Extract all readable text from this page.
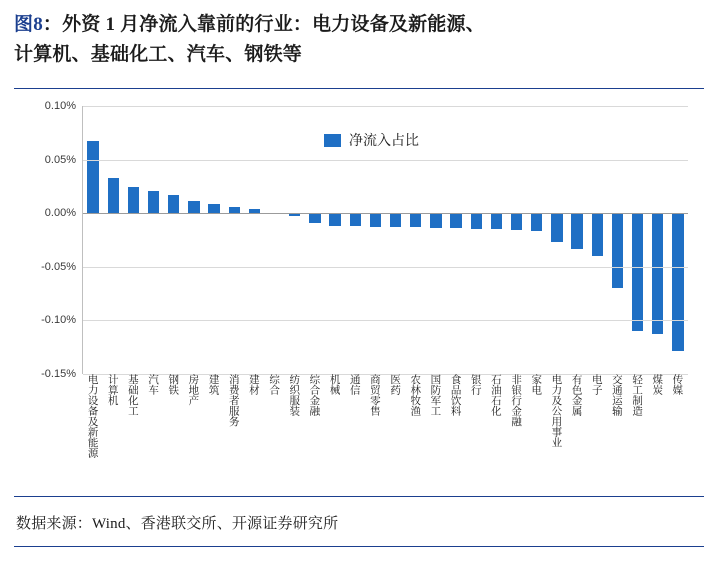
图8：外资 1 月净流入靠前的行业：电力设备及新能源、
计算机、基础化工、汽车、钢铁等
净流入占比
-0.15%
-0.10%
-0.05%
0.00%
0.05%
0.10%
电力设备及新能源 计算机 基础化工 汽车 钢铁 房地产 建筑 消费者服务 建材 综合 纺织服装 综合金融 机械 通信 商贸零售 医药 农林牧渔 国防军工 食品饮料 银行 石油石化 非银行金融 家电 电力及公用事业 有色金属 电子 交通运输 轻工制造 煤炭 传媒
数据来源：Wind、香港联交所、开源证券研究所
